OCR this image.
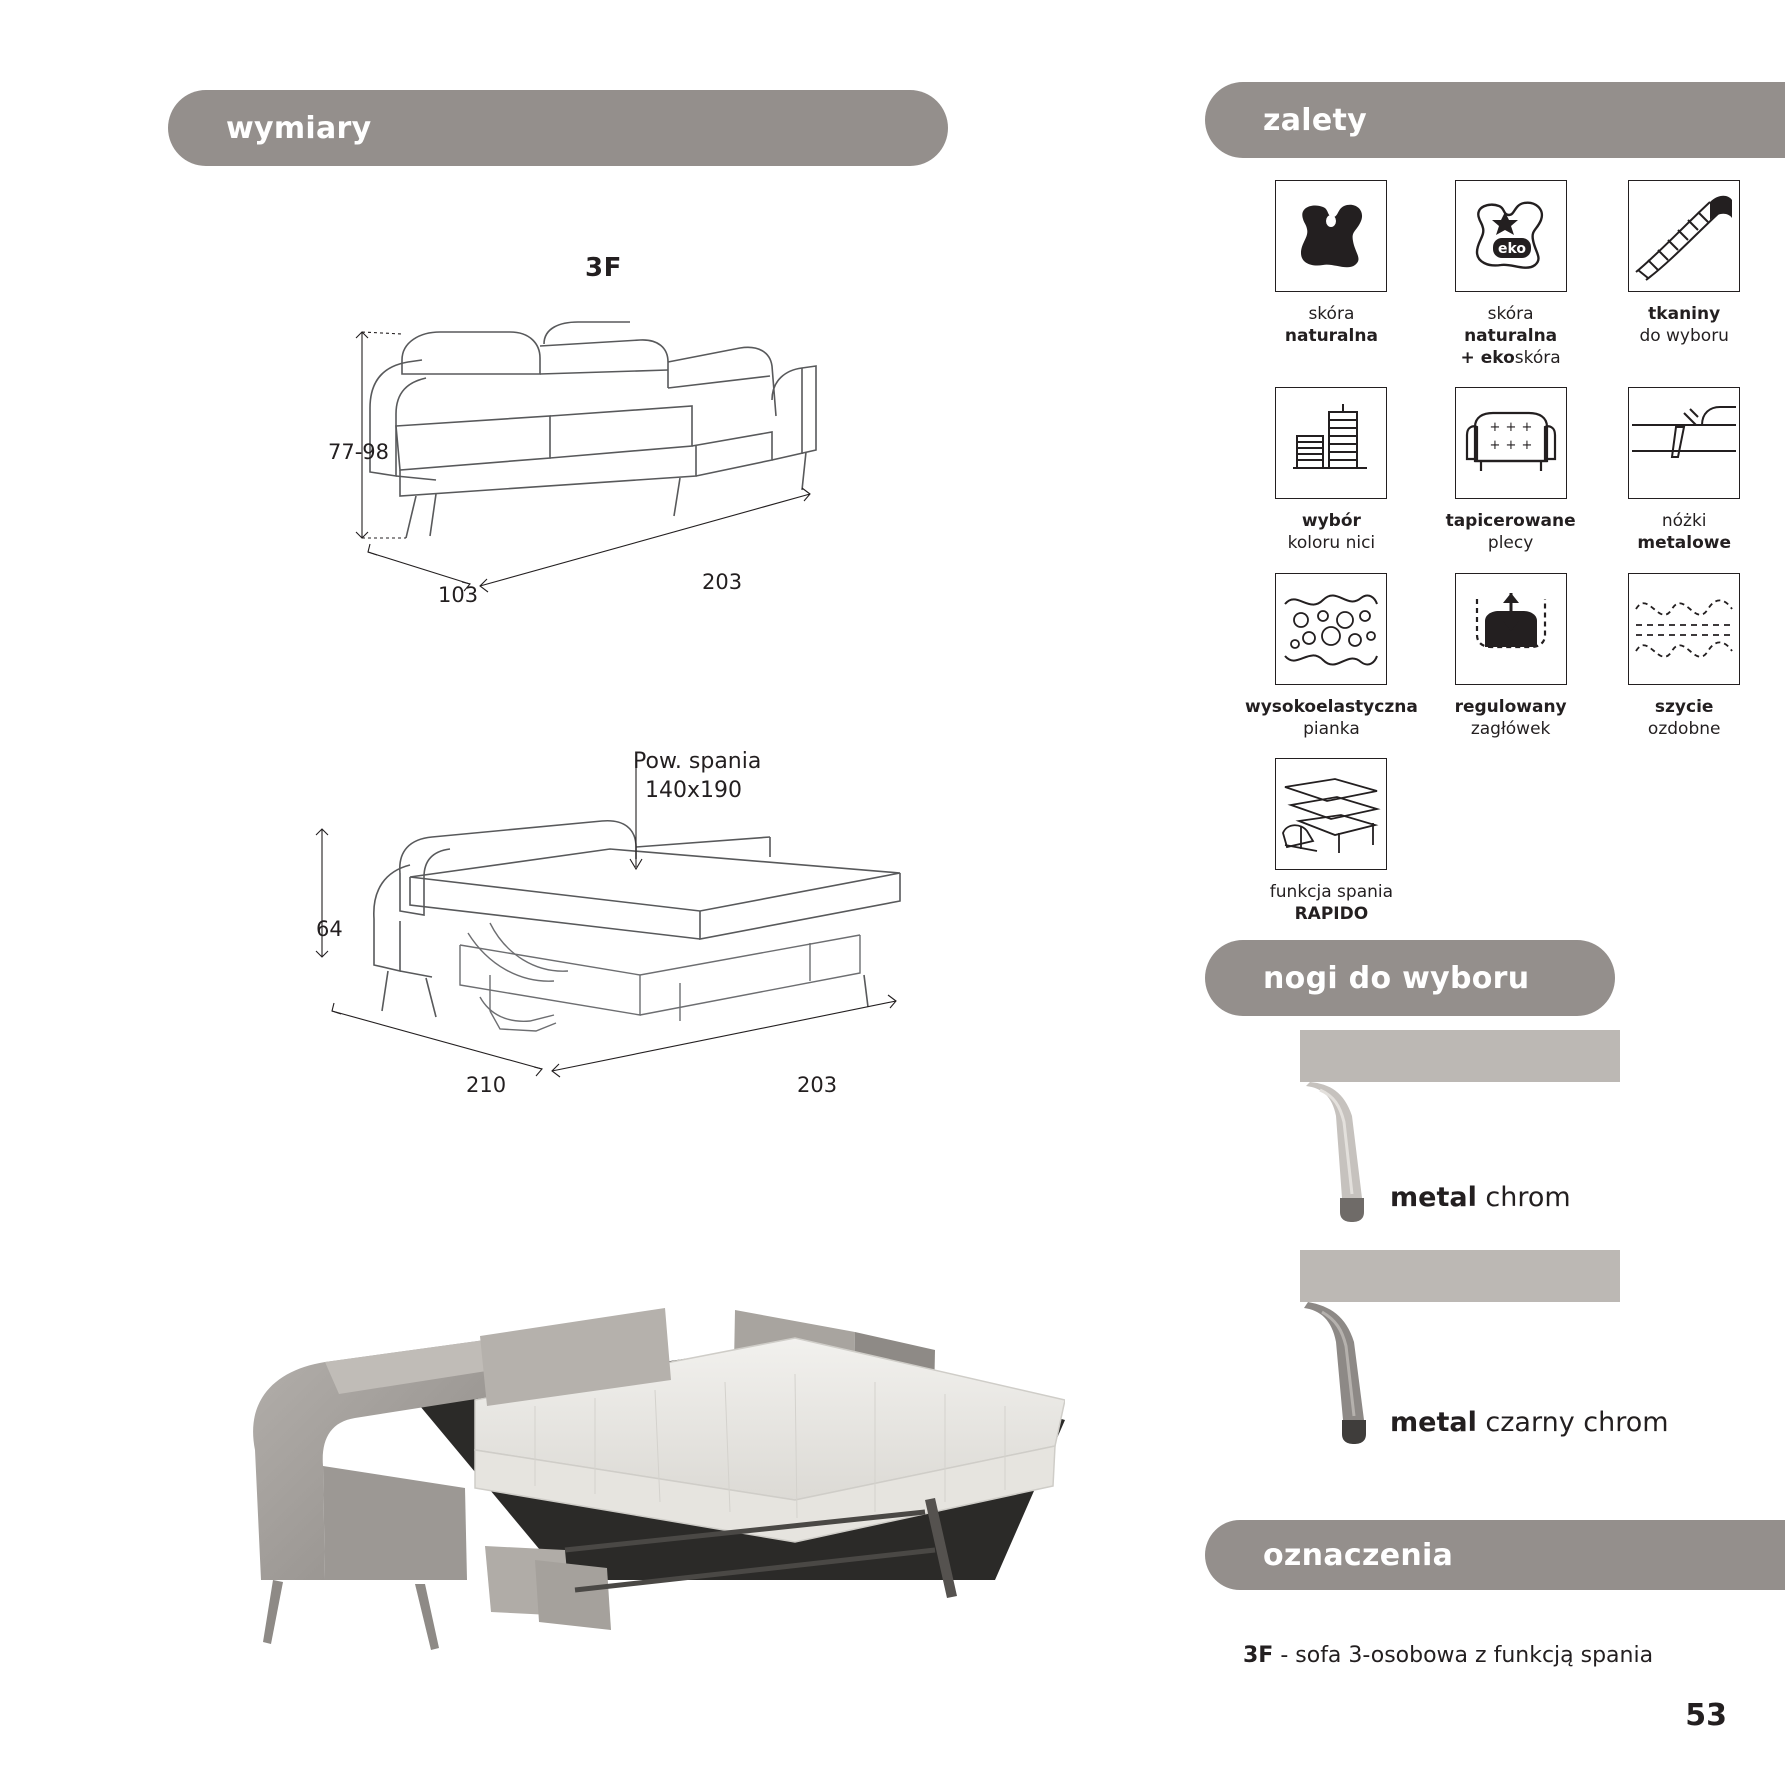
wymiary	zalety
nogi do wyboru
oznaczenia
3F
77-98
103
203
Pow. spania
140x190
64
210	203
skóra
naturalna
eko
skóra
naturalna
+ ekoskóra
tkaniny
do wyboru
wybór
koloru nici
+ + +
+ + +
tapicerowane
plecy
nóżki
metalowe
wysokoelastyczna
pianka
regulowany
zagłówek
szycie
ozdobne
funkcja spania
RAPIDO
metal chrom
metal czarny chrom
3F - sofa 3-osobowa z funkcją spania
53
